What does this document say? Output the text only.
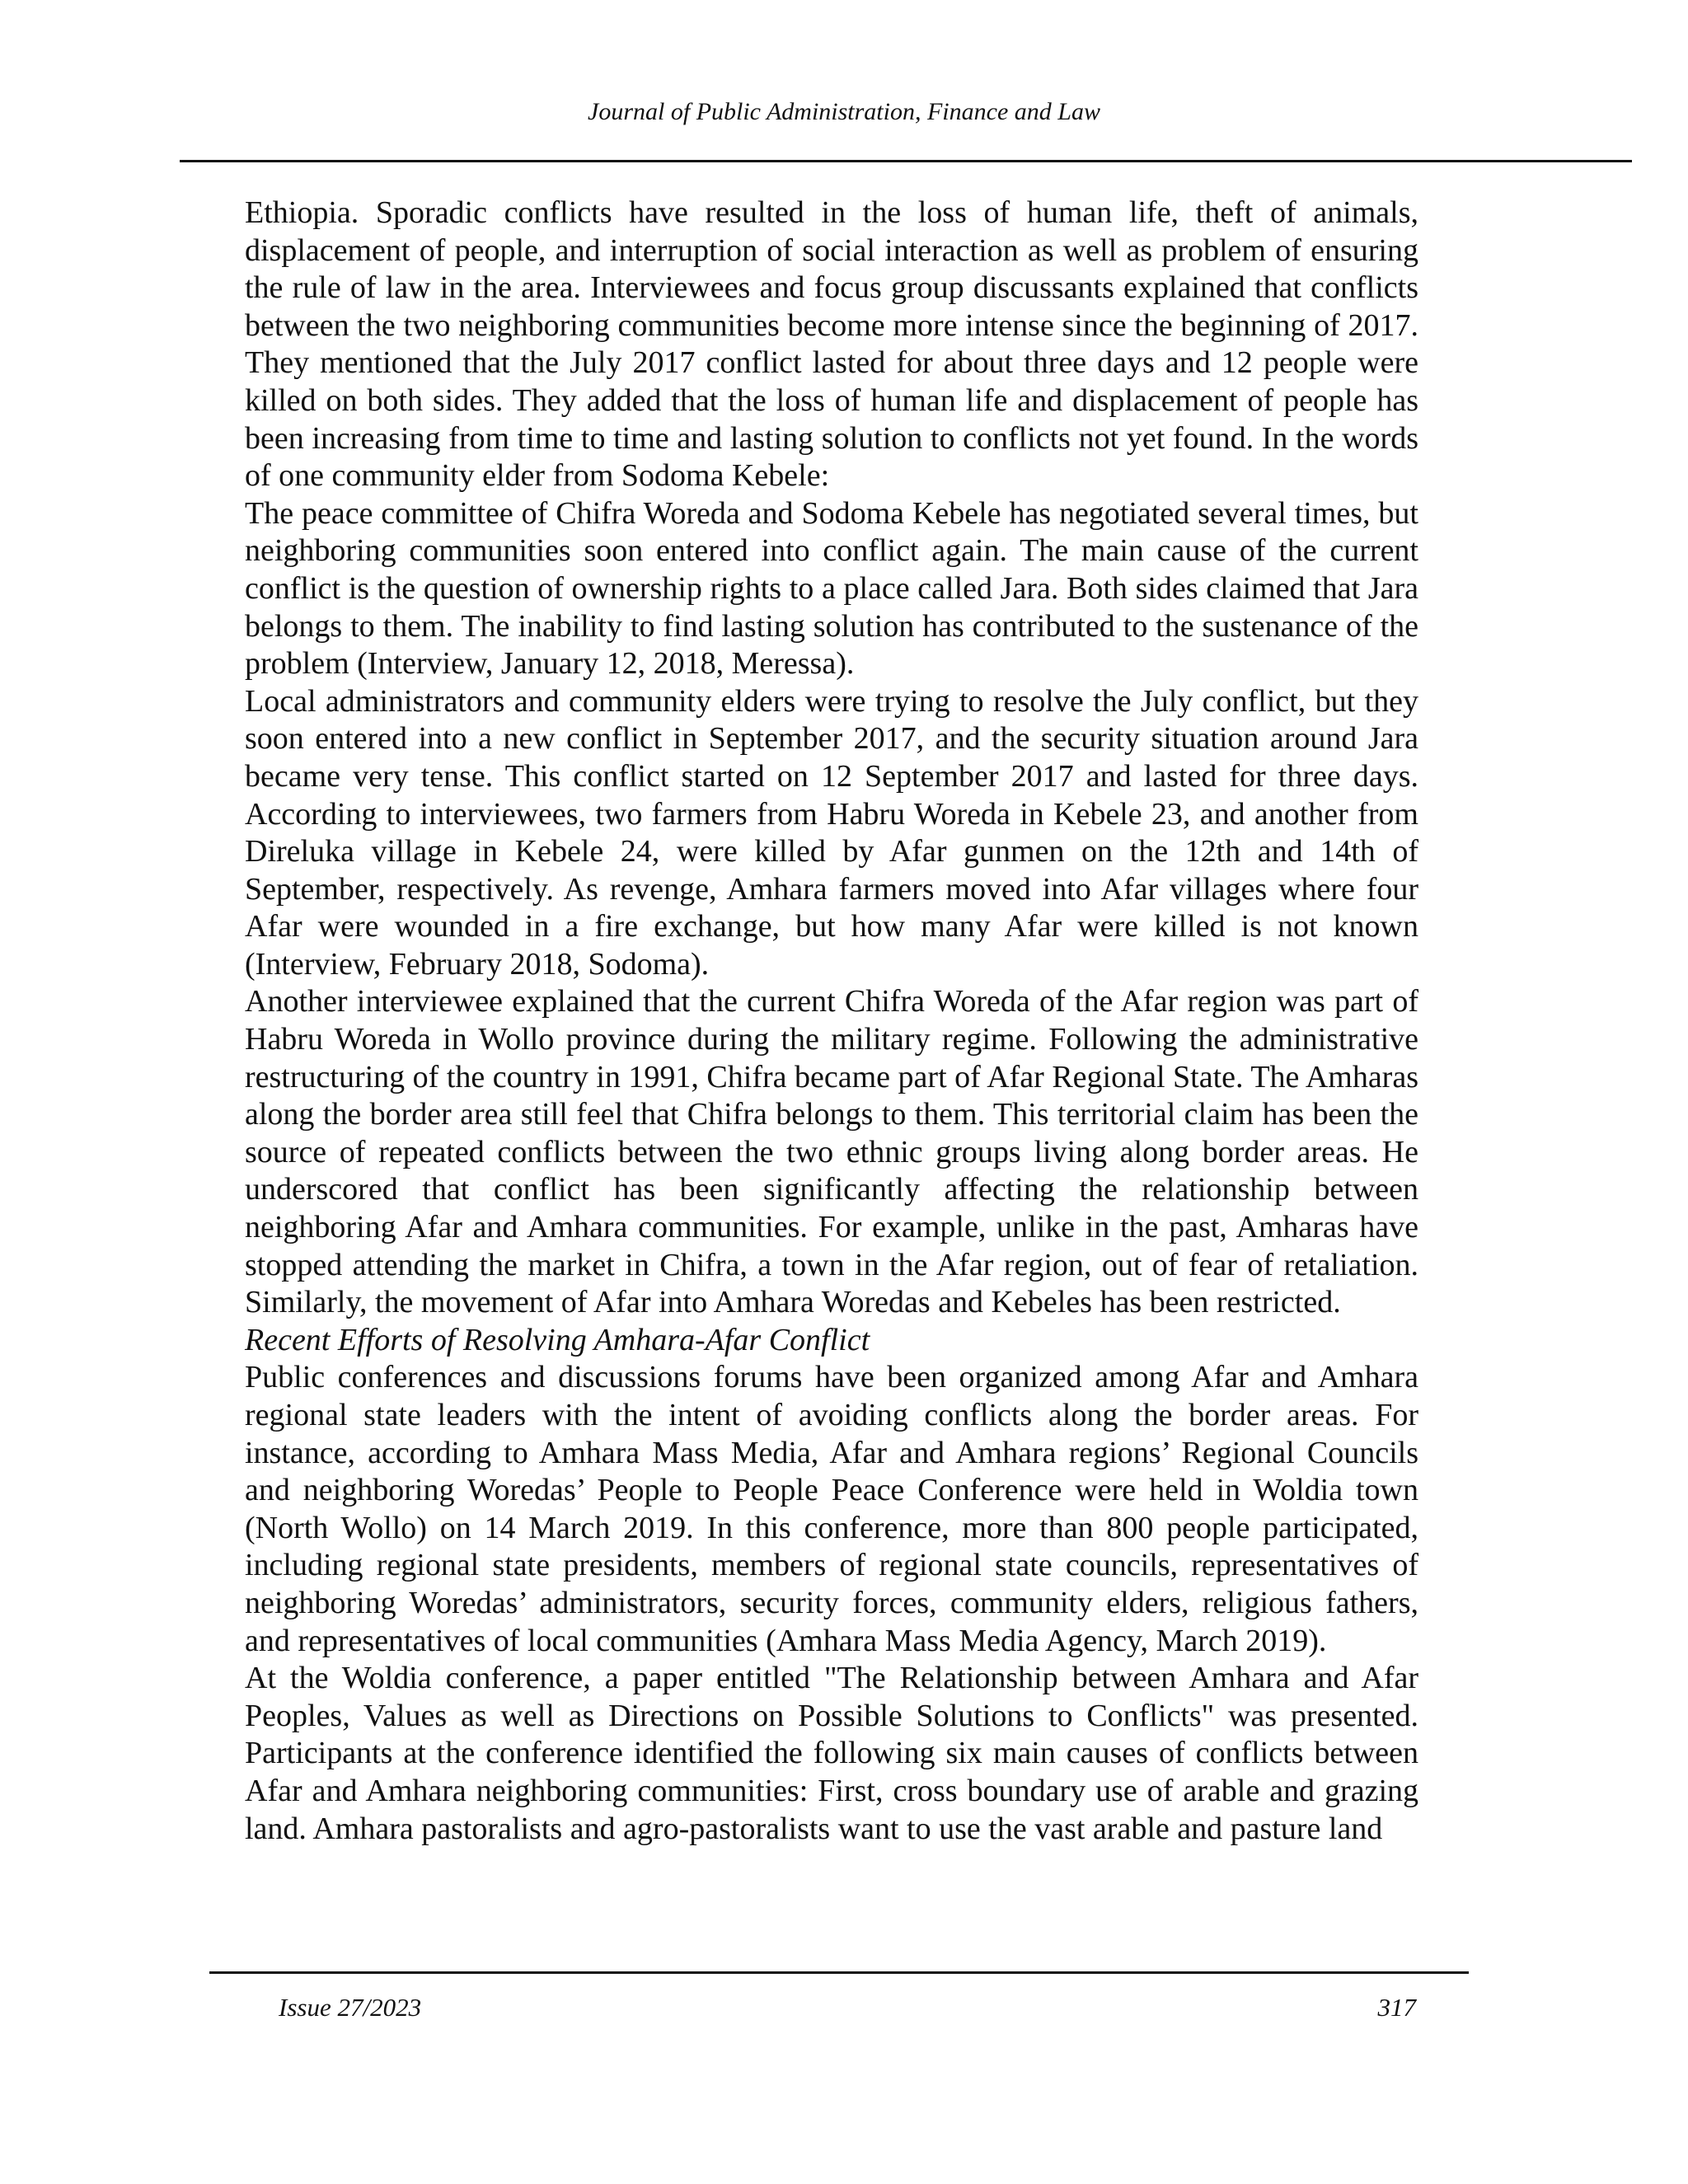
Journal of Public Administration, Finance and Law

Ethiopia. Sporadic conflicts have resulted in the loss of human life, theft of animals, displacement of people, and interruption of social interaction as well as problem of ensuring the rule of law in the area. Interviewees and focus group discussants explained that conflicts between the two neighboring communities become more intense since the beginning of 2017. They mentioned that the July 2017 conflict lasted for about three days and 12 people were killed on both sides. They added that the loss of human life and displacement of people has been increasing from time to time and lasting solution to conflicts not yet found. In the words of one community elder from Sodoma Kebele:

The peace committee of Chifra Woreda and Sodoma Kebele has negotiated several times, but neighboring communities soon entered into conflict again. The main cause of the current conflict is the question of ownership rights to a place called Jara. Both sides claimed that Jara belongs to them. The inability to find lasting solution has contributed to the sustenance of the problem (Interview, January 12, 2018, Meressa).

Local administrators and community elders were trying to resolve the July conflict, but they soon entered into a new conflict in September 2017, and the security situation around Jara became very tense. This conflict started on 12 September 2017 and lasted for three days. According to interviewees, two farmers from Habru Woreda in Kebele 23, and another from Direluka village in Kebele 24, were killed by Afar gunmen on the 12th and 14th of September, respectively. As revenge, Amhara farmers moved into Afar villages where four Afar were wounded in a fire exchange, but how many Afar were killed is not known (Interview, February 2018, Sodoma).

Another interviewee explained that the current Chifra Woreda of the Afar region was part of Habru Woreda in Wollo province during the military regime. Following the administrative restructuring of the country in 1991, Chifra became part of Afar Regional State. The Amharas along the border area still feel that Chifra belongs to them. This territorial claim has been the source of repeated conflicts between the two ethnic groups living along border areas. He underscored that conflict has been significantly affecting the relationship between neighboring Afar and Amhara communities. For example, unlike in the past, Amharas have stopped attending the market in Chifra, a town in the Afar region, out of fear of retaliation. Similarly, the movement of Afar into Amhara Woredas and Kebeles has been restricted.

Recent Efforts of Resolving Amhara-Afar Conflict

Public conferences and discussions forums have been organized among Afar and Amhara regional state leaders with the intent of avoiding conflicts along the border areas. For instance, according to Amhara Mass Media, Afar and Amhara regions’ Regional Councils and neighboring Woredas’ People to People Peace Conference were held in Woldia town (North Wollo) on 14 March 2019. In this conference, more than 800 people participated, including regional state presidents, members of regional state councils, representatives of neighboring Woredas’ administrators, security forces, community elders, religious fathers, and representatives of local communities (Amhara Mass Media Agency, March 2019).

At the Woldia conference, a paper entitled "The Relationship between Amhara and Afar Peoples, Values as well as Directions on Possible Solutions to Conflicts" was presented. Participants at the conference identified the following six main causes of conflicts between Afar and Amhara neighboring communities: First, cross boundary use of arable and grazing land. Amhara pastoralists and agro-pastoralists want to use the vast arable and pasture land

Issue 27/2023	317
